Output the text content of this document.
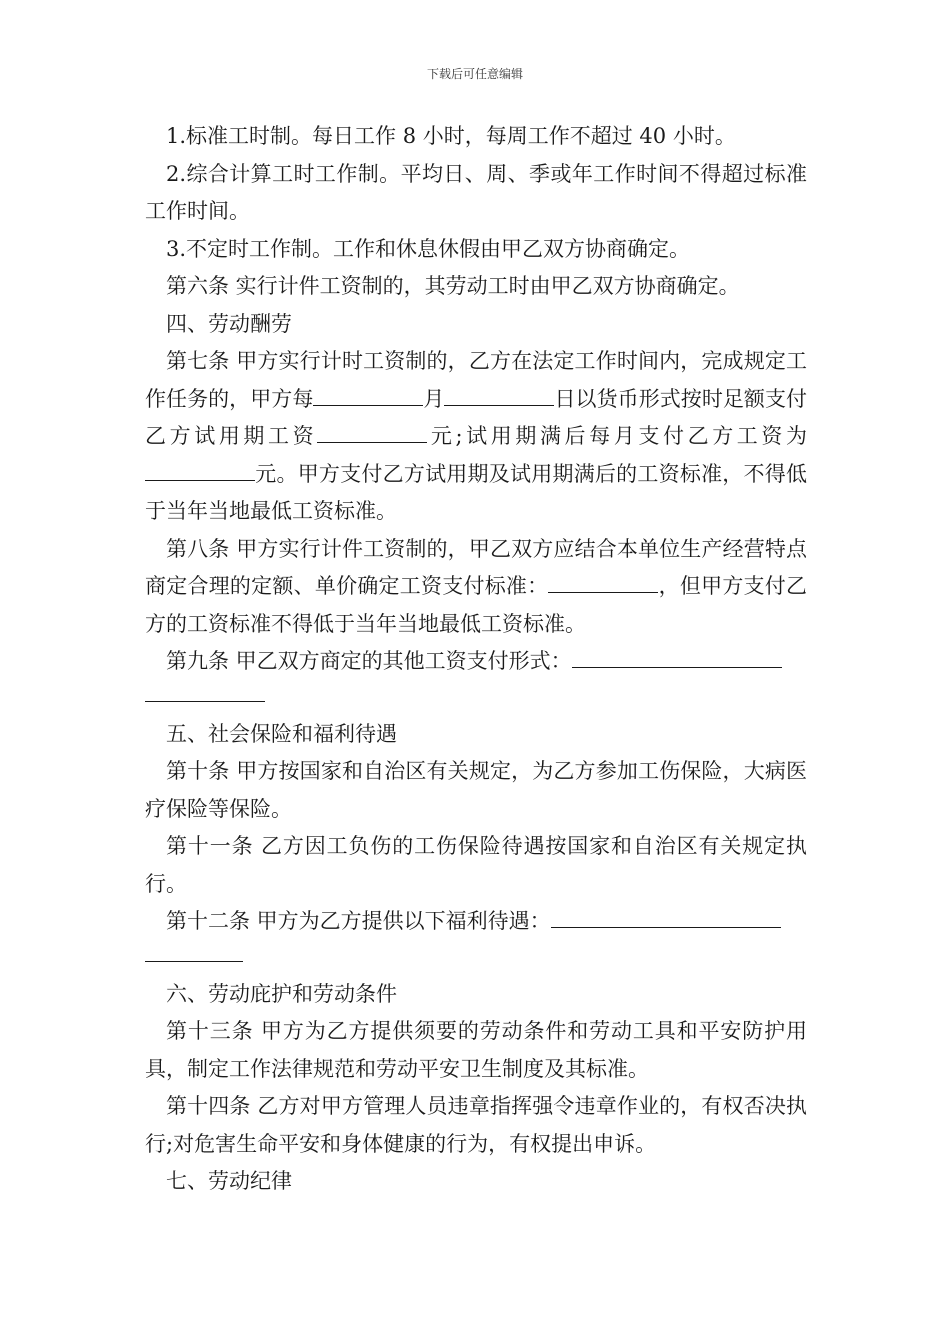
下载后可任意编辑

1.标准工时制。每日工作 8 小时，每周工作不超过 40 小时。

2.综合计算工时工作制。平均日、周、季或年工作时间不得超过标准工作时间。

3.不定时工作制。工作和休息休假由甲乙双方协商确定。

第六条 实行计件工资制的，其劳动工时由甲乙双方协商确定。

四、劳动酬劳

第七条 甲方实行计时工资制的，乙方在法定工作时间内，完成规定工作任务的，甲方每	月	日以货币形式按时足额支付乙方试用期工资	元;试用期满后每月支付乙方工资为元。甲方支付乙方试用期及试用期满后的工资标准，不得低于当年当地最低工资标准。

第八条 甲方实行计件工资制的，甲乙双方应结合本单位生产经营特点商定合理的定额、单价确定工资支付标准：	，但甲方支付乙方的工资标准不得低于当年当地最低工资标准。

第九条 甲乙双方商定的其他工资支付形式：

五、社会保险和福利待遇

第十条 甲方按国家和自治区有关规定，为乙方参加工伤保险，大病医疗保险等保险。

第十一条 乙方因工负伤的工伤保险待遇按国家和自治区有关规定执行。

第十二条 甲方为乙方提供以下福利待遇：

六、劳动庇护和劳动条件

第十三条 甲方为乙方提供须要的劳动条件和劳动工具和平安防护用具，制定工作法律规范和劳动平安卫生制度及其标准。

第十四条 乙方对甲方管理人员违章指挥强令违章作业的，有权否决执行;对危害生命平安和身体健康的行为，有权提出申诉。

七、劳动纪律
